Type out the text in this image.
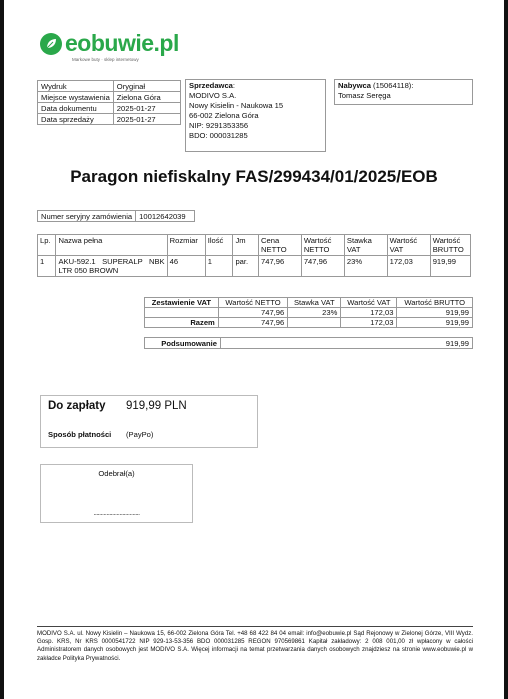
eobuwie.pl
Markowe buty · sklep internetowy
Wydruk	Oryginał
Miejsce wystawienia	Zielona Góra
Data dokumentu	2025-01-27
Data sprzedaży	2025-01-27
Sprzedawca:
MODIVO S.A.
Nowy Kisielin - Naukowa 15
66-002 Zielona Góra
NIP: 9291353356
BDO: 000031285
Nabywca (15064118):
Tomasz Seręga
Paragon niefiskalny FAS/299434/01/2025/EOB
Numer seryjny zamówienia	10012642039
Lp.	Nazwa pełna	Rozmiar	Ilość	Jm	Cena NETTO	Wartość NETTO	Stawka VAT	Wartość VAT	Wartość BRUTTO
1	AKU-592.1 SUPERALP NBK LTR 050 BROWN	46	1	par.	747,96	747,96	23%	172,03	919,99
Zestawienie VAT	Wartość NETTO	Stawka VAT	Wartość VAT	Wartość BRUTTO
	747,96	23%	172,03	919,99
Razem	747,96		172,03	919,99
Podsumowanie	919,99
Do zapłaty 919,99 PLN
Sposób płatności (PayPo)
Odebrał(a)
................................
MODIVO S.A. ul. Nowy Kisielin – Naukowa 15, 66-002 Zielona Góra Tel. +48 68 422 84 04 email: info@eobuwie.pl Sąd Rejonowy w Zielonej Górze, VIII Wydz. Gosp. KRS, Nr KRS 0000541722 NIP 929-13-53-356 BDO 000031285 REGON 970569861 Kapitał zakładowy: 2 008 001,00 zł wpłacony w całości Administratorem danych osobowych jest MODIVO S.A. Więcej informacji na temat przetwarzania danych osobowych znajdziesz na stronie www.eobuwie.pl w zakładce Polityka Prywatności.
